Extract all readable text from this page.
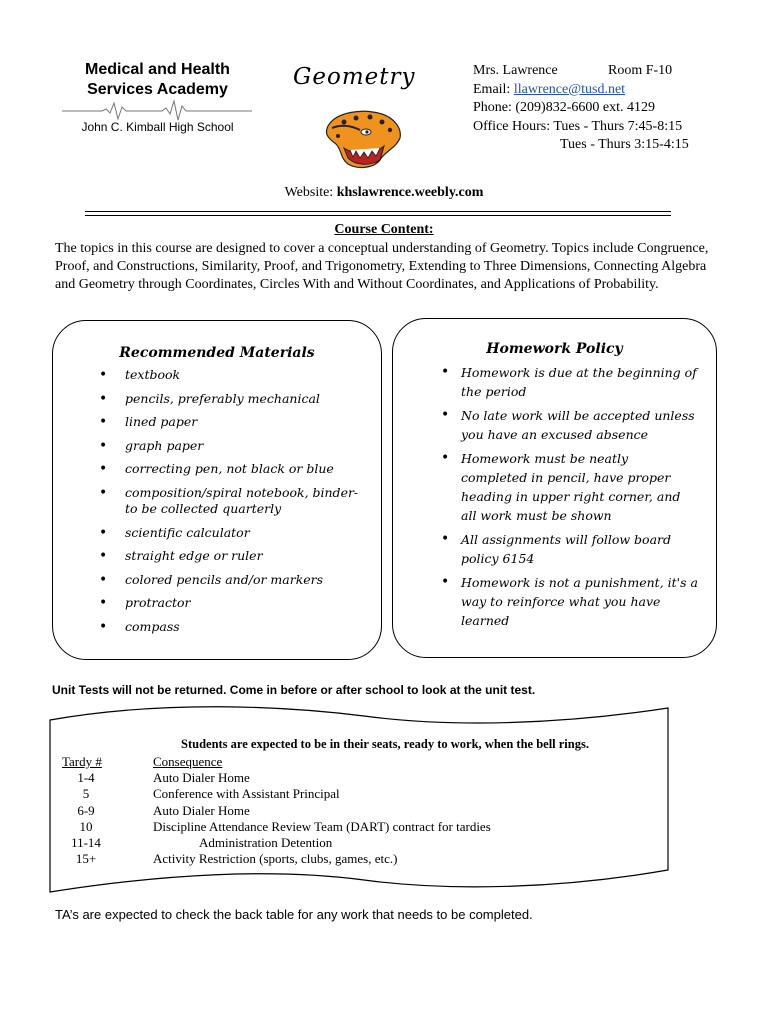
Medical and Health
Services Academy
John C. Kimball High School
Geometry	Mrs. Lawrence	Room F-10
Email: llawrence@tusd.net
Phone: (209)832-6600 ext. 4129
Office Hours: Tues - Thurs 7:45-8:15
Tues - Thurs 3:15-4:15
Website: khslawrence.weebly.com
Course Content:
The topics in this course are designed to cover a conceptual understanding of Geometry. Topics include Congruence, Proof, and Constructions, Similarity, Proof, and Trigonometry, Extending to Three Dimensions, Connecting Algebra and Geometry through Coordinates, Circles With and Without Coordinates, and Applications of Probability.
Recommended Materials
• textbook
• pencils, preferably mechanical
• lined paper
• graph paper
• correcting pen, not black or blue
• composition/spiral notebook, binder- to be collected quarterly
• scientific calculator
• straight edge or ruler
• colored pencils and/or markers
• protractor
• compass
Homework Policy
• Homework is due at the beginning of the period
• No late work will be accepted unless you have an excused absence
• Homework must be neatly completed in pencil, have proper heading in upper right corner, and all work must be shown
• All assignments will follow board policy 6154
• Homework is not a punishment, it's a way to reinforce what you have learned
Unit Tests will not be returned. Come in before or after school to look at the unit test.
Students are expected to be in their seats, ready to work, when the bell rings.
Tardy #	Consequence
1-4	Auto Dialer Home
5	Conference with Assistant Principal
6-9	Auto Dialer Home
10	Discipline Attendance Review Team (DART) contract for tardies
11-14	Administration Detention
15+	Activity Restriction (sports, clubs, games, etc.)
TA’s are expected to check the back table for any work that needs to be completed.
